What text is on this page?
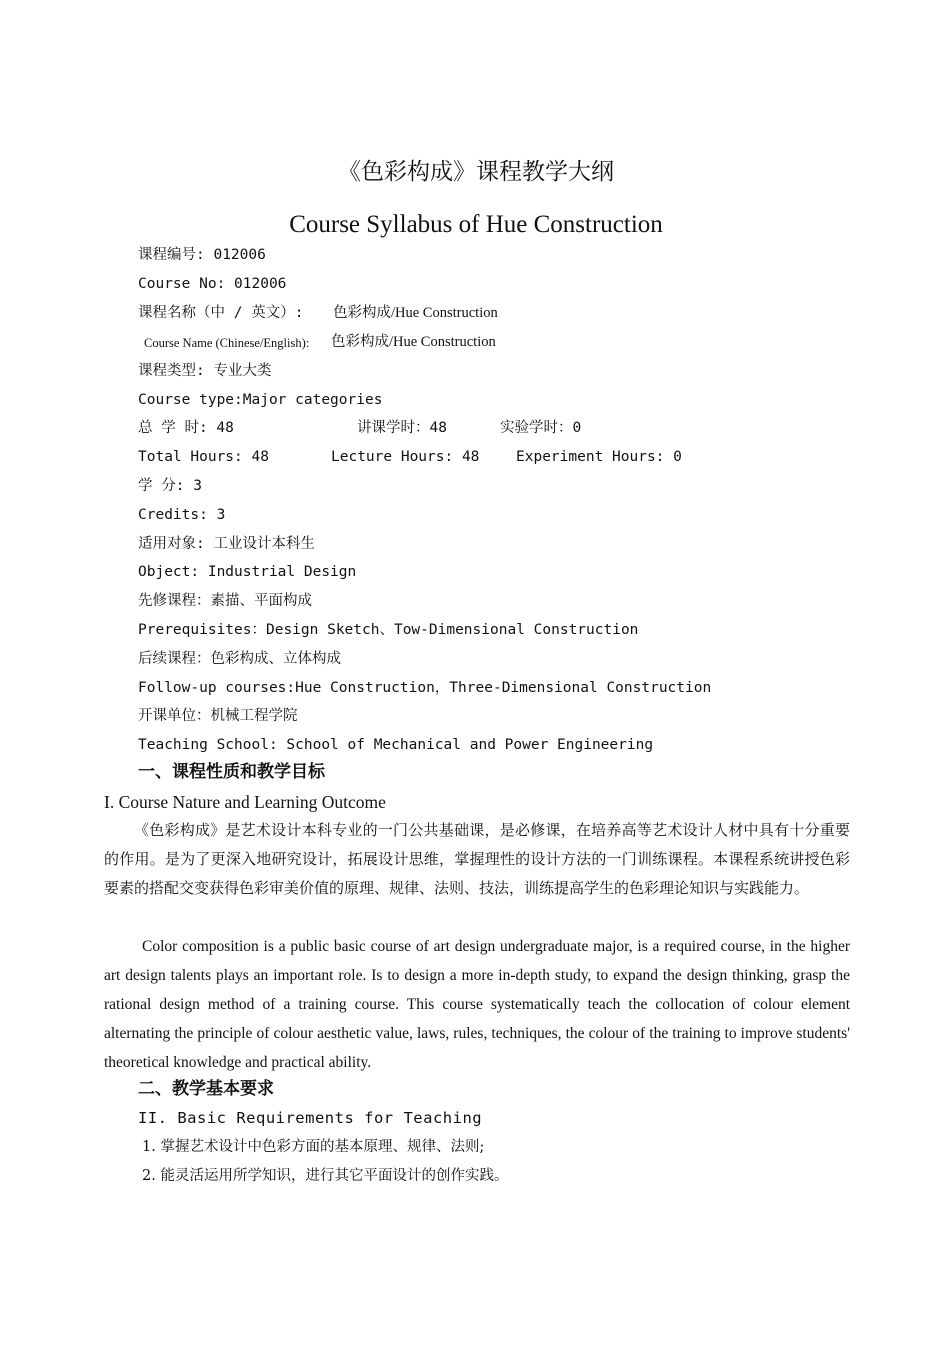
《色彩构成》课程教学大纲
Course Syllabus of Hue Construction
课程编号: 012006
Course No: 012006
课程名称（中 / 英文）: 色彩构成/Hue Construction
Course Name (Chinese/English): 色彩构成/Hue Construction
课程类型: 专业大类
Course type:Major categories
总 学 时: 48	讲课学时：48	实验学时：0
Total Hours: 48	Lecture Hours: 48	Experiment Hours: 0
学 分: 3
Credits: 3
适用对象: 工业设计本科生
Object: Industrial Design
先修课程：素描、平面构成
Prerequisites：Design Sketch、Tow-Dimensional Construction
后续课程：色彩构成、立体构成
Follow-up courses:Hue Construction，Three-Dimensional Construction
开课单位：机械工程学院
Teaching School: School of Mechanical and Power Engineering
一、课程性质和教学目标
I. Course Nature and Learning Outcome
《色彩构成》是艺术设计本科专业的一门公共基础课，是必修课，在培养高等艺术设计人材中具有十分重要的作用。是为了更深入地研究设计，拓展设计思维，掌握理性的设计方法的一门训练课程。本课程系统讲授色彩要素的搭配交变获得色彩审美价值的原理、规律、法则、技法，训练提高学生的色彩理论知识与实践能力。
Color composition is a public basic course of art design undergraduate major, is a required course, in the higher art design talents plays an important role. Is to design a more in-depth study, to expand the design thinking, grasp the rational design method of a training course. This course systematically teach the collocation of colour element alternating the principle of colour aesthetic value, laws, rules, techniques, the colour of the training to improve students' theoretical knowledge and practical ability.
二、教学基本要求
II. Basic Requirements for Teaching
1. 掌握艺术设计中色彩方面的基本原理、规律、法则;
2. 能灵活运用所学知识，进行其它平面设计的创作实践。
